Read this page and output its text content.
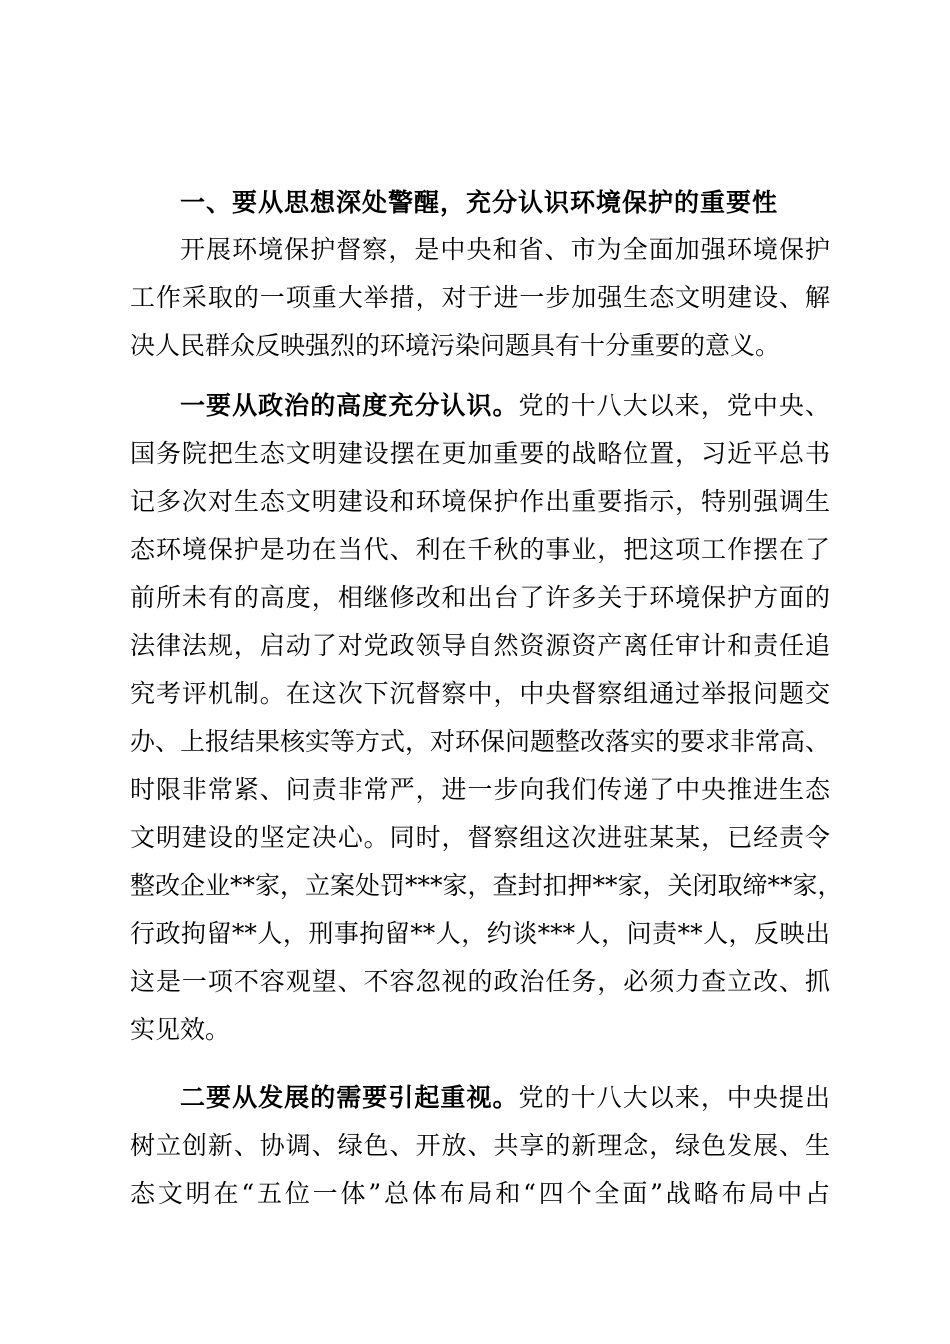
一、要从思想深处警醒，充分认识环境保护的重要性

开展环境保护督察，是中央和省、市为全面加强环境保护
工作采取的一项重大举措，对于进一步加强生态文明建设、解
决人民群众反映强烈的环境污染问题具有十分重要的意义。
一要从政治的高度充分认识。党的十八大以来，党中央、
国务院把生态文明建设摆在更加重要的战略位置，习近平总书
记多次对生态文明建设和环境保护作出重要指示，特别强调生
态环境保护是功在当代、利在千秋的事业，把这项工作摆在了
前所未有的高度，相继修改和出台了许多关于环境保护方面的
法律法规，启动了对党政领导自然资源资产离任审计和责任追
究考评机制。在这次下沉督察中，中央督察组通过举报问题交
办、上报结果核实等方式，对环保问题整改落实的要求非常高、
时限非常紧、问责非常严，进一步向我们传递了中央推进生态
文明建设的坚定决心。同时，督察组这次进驻某某，已经责令
整改企业**家，立案处罚***家，查封扣押**家，关闭取缔**家，
行政拘留**人，刑事拘留**人，约谈***人，问责**人，反映出
这是一项不容观望、不容忽视的政治任务，必须力查立改、抓
实见效。
二要从发展的需要引起重视。党的十八大以来，中央提出
树立创新、协调、绿色、开放、共享的新理念，绿色发展、生
态文明在“五位一体”总体布局和“四个全面”战略布局中占
